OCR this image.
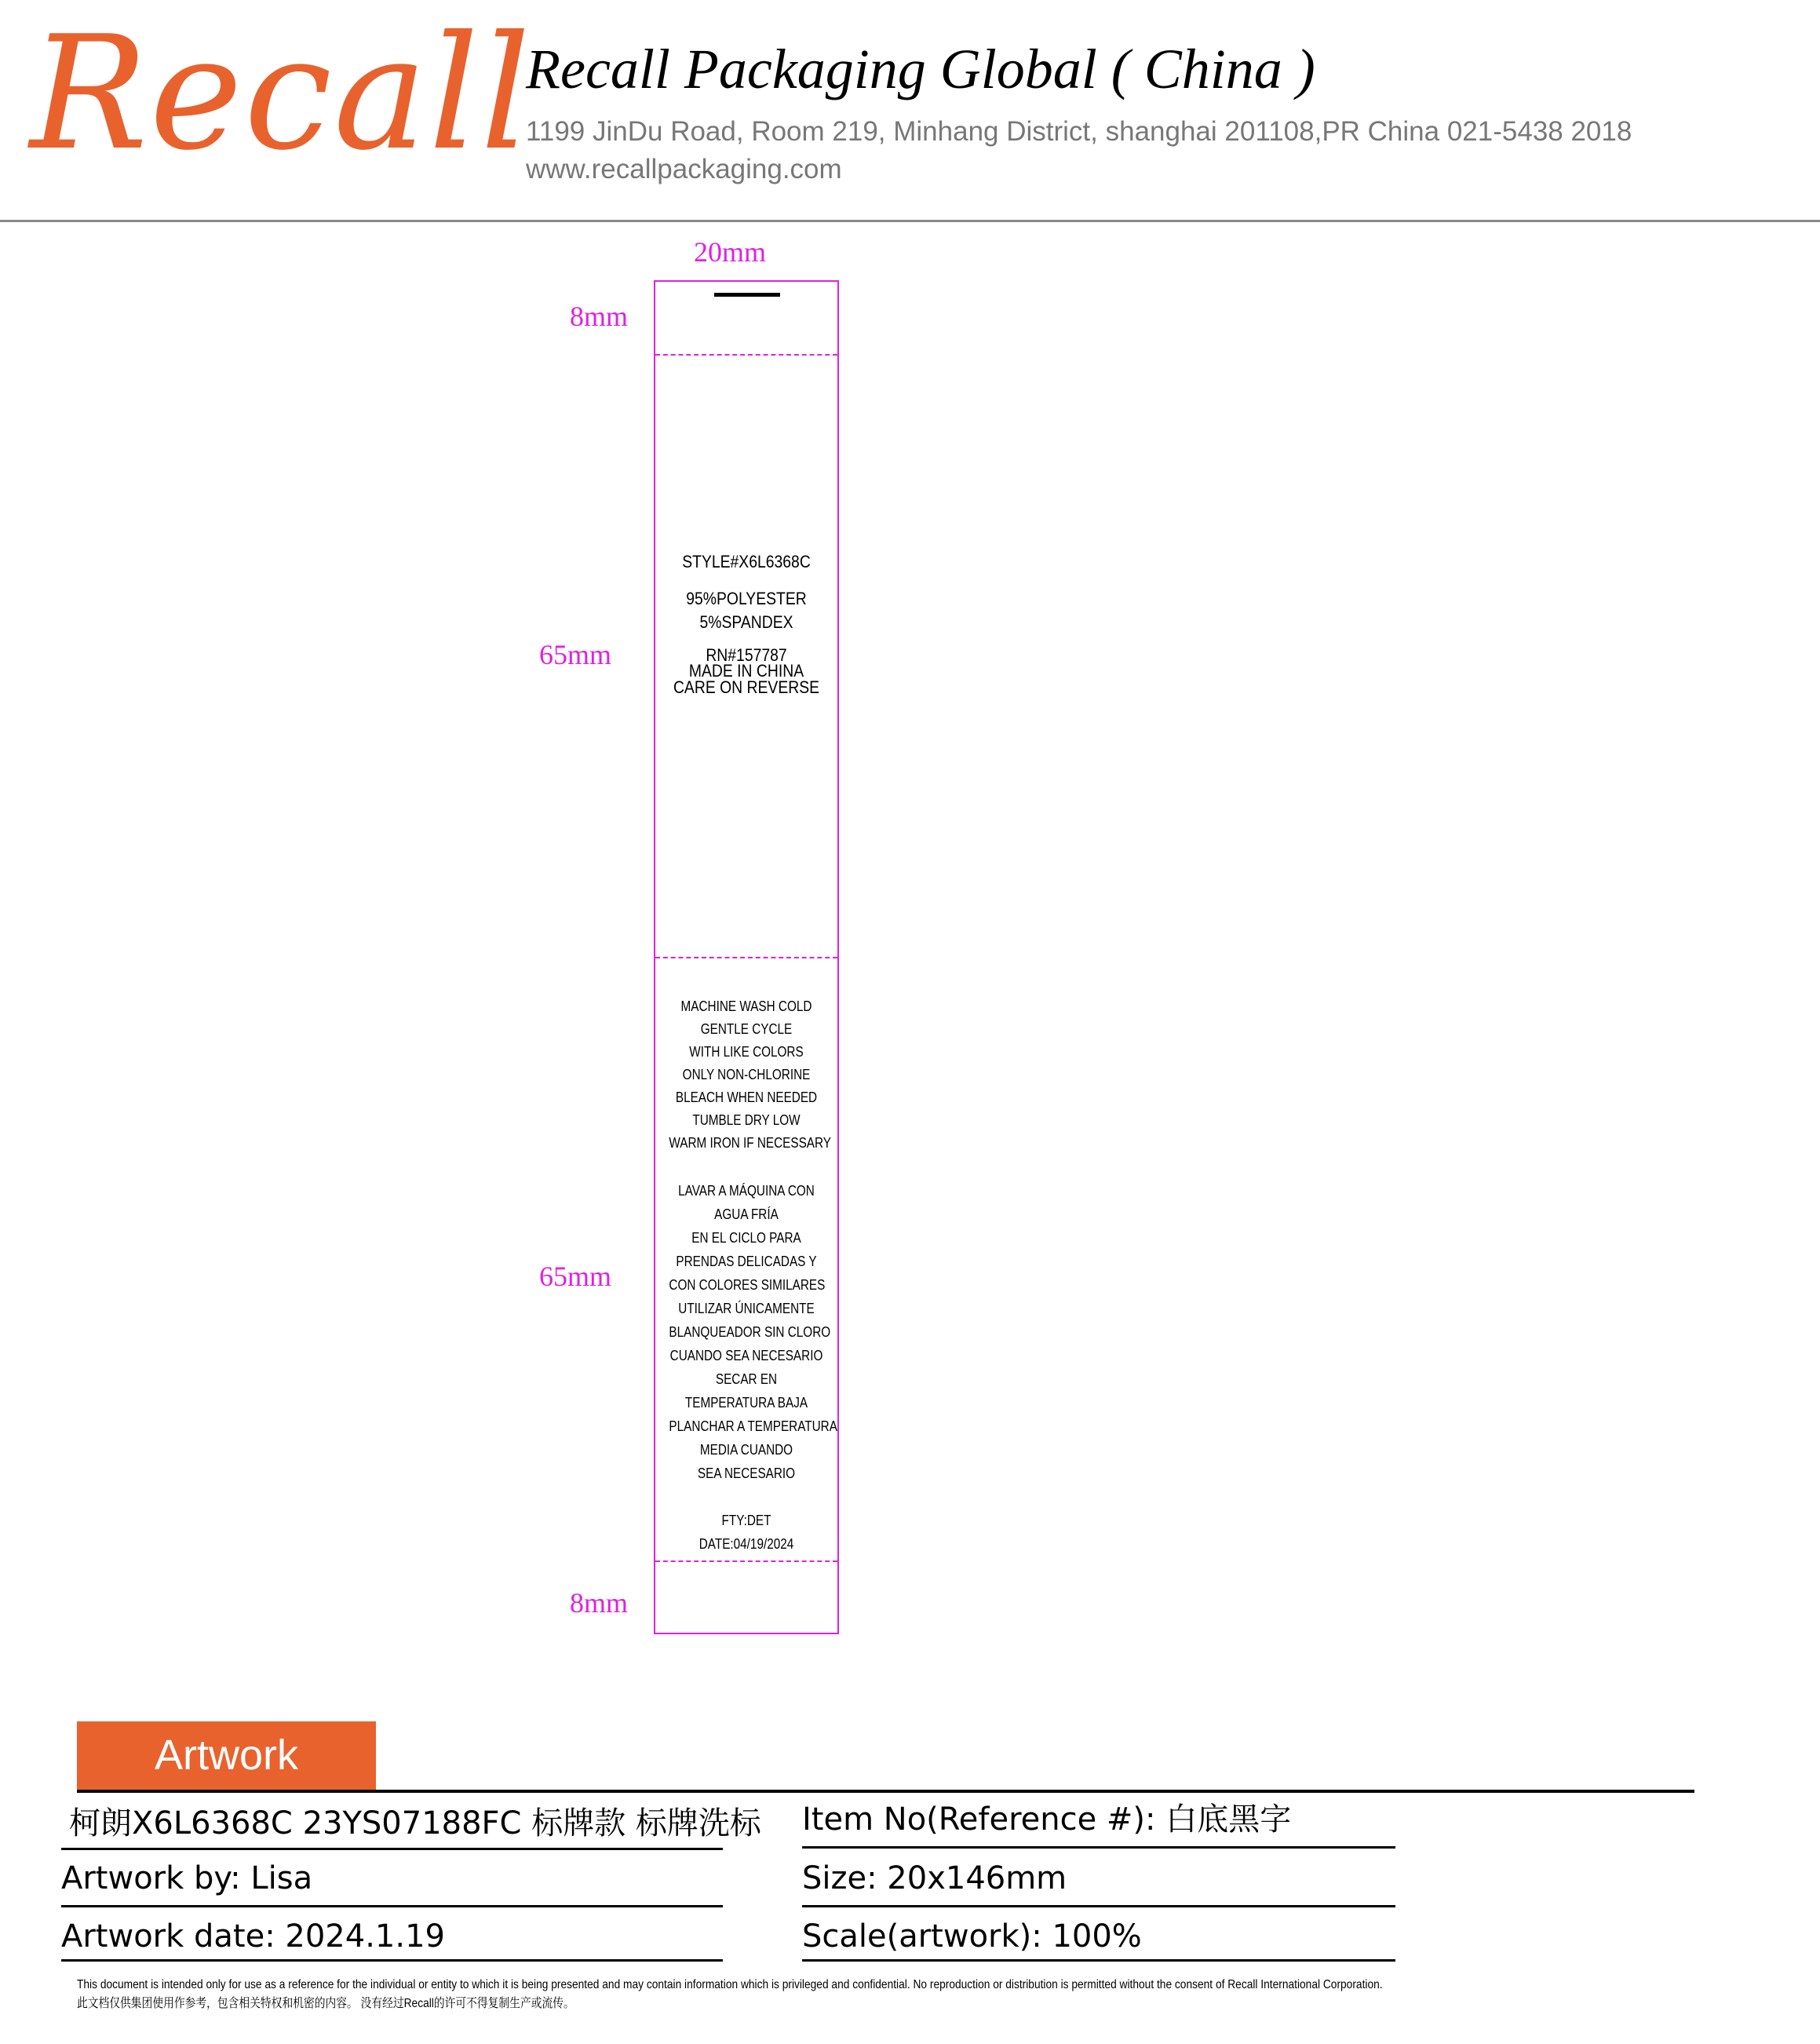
Recall
Recall Packaging Global ( China )
1199 JinDu Road, Room 219, Minhang District, shanghai 201108,PR China 021-5438 2018
www.recallpackaging.com
20mm
8mm
65mm
65mm
8mm
STYLE#X6L6368C
95%POLYESTER
5%SPANDEX
RN#157787
MADE IN CHINA
CARE ON REVERSE
MACHINE WASH COLD
GENTLE CYCLE
WITH LIKE COLORS
ONLY NON-CHLORINE
BLEACH WHEN NEEDED
TUMBLE DRY LOW
WARM IRON IF NECESSARY
LAVAR A MÁQUINA CON
AGUA FRÍA
EN EL CICLO PARA
PRENDAS DELICADAS Y
CON COLORES SIMILARES
UTILIZAR ÚNICAMENTE
BLANQUEADOR SIN CLORO
CUANDO SEA NECESARIO
SECAR EN
TEMPERATURA BAJA
PLANCHAR A TEMPERATURA
MEDIA CUANDO
SEA NECESARIO
FTY:DET
DATE:04/19/2024
Artwork
柯朗X6L6368C 23YS07188FC 标牌款 标牌洗标
Artwork by: Lisa
Artwork date: 2024.1.19
Item No(Reference #): 白底黑字
Size: 20x146mm
Scale(artwork): 100%
This document is intended only for use as a reference for the individual or entity to which it is being presented and may contain information which is privileged and confidential. No reproduction or distribution is permitted without the consent of Recall International Corporation.
此文档仅供集团使用作参考，包含相关特权和机密的内容。 没有经过Recall的许可不得复制生产或流传。
